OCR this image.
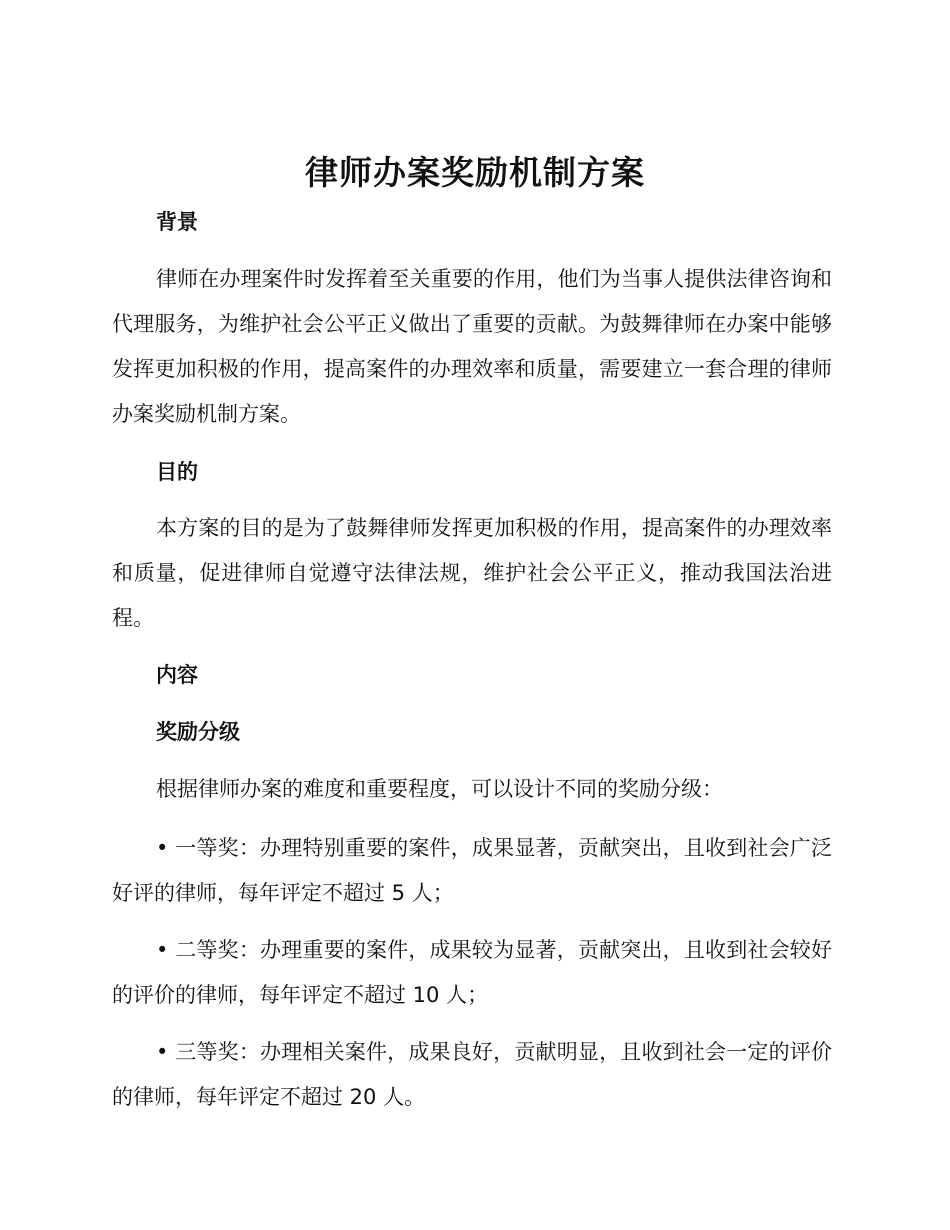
律师办案奖励机制方案
背景

律师在办理案件时发挥着至关重要的作用，他们为当事人提供法律咨询和代理服务，为维护社会公平正义做出了重要的贡献。为鼓舞律师在办案中能够发挥更加积极的作用，提高案件的办理效率和质量，需要建立一套合理的律师办案奖励机制方案。

目的

本方案的目的是为了鼓舞律师发挥更加积极的作用，提高案件的办理效率和质量，促进律师自觉遵守法律法规，维护社会公平正义，推动我国法治进程。

内容
奖励分级

根据律师办案的难度和重要程度，可以设计不同的奖励分级：

• 一等奖：办理特别重要的案件，成果显著，贡献突出，且收到社会广泛好评的律师，每年评定不超过 5 人；

• 二等奖：办理重要的案件，成果较为显著，贡献突出，且收到社会较好的评价的律师，每年评定不超过 10 人；

• 三等奖：办理相关案件，成果良好，贡献明显，且收到社会一定的评价的律师，每年评定不超过 20 人。
